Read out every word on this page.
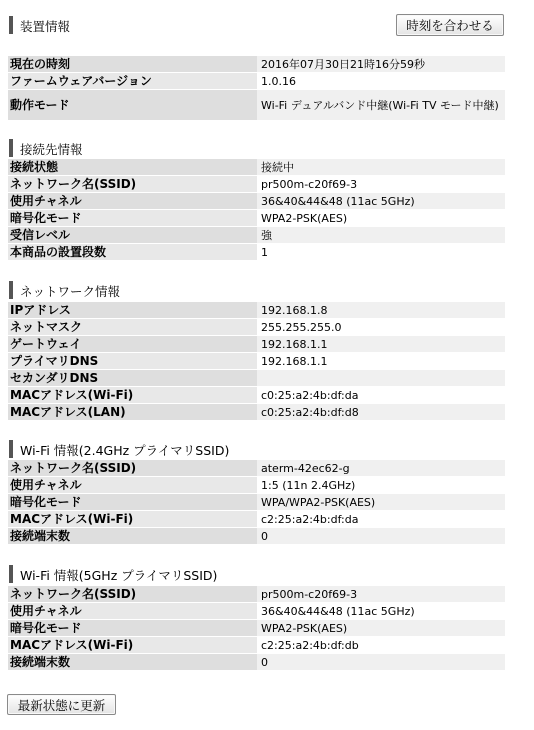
装置情報	時刻を合わせる
現在の時刻	2016年07月30日21時16分59秒
ファームウェアバージョン	1.0.16
動作モード	Wi-Fi デュアルバンド中継(Wi-Fi TV モード中継)
接続先情報
接続状態	接続中
ネットワーク名(SSID)	pr500m-c20f69-3
使用チャネル	36&40&44&48 (11ac 5GHz)
暗号化モード	WPA2-PSK(AES)
受信レベル	強
本商品の設置段数	1
ネットワーク情報
IPアドレス	192.168.1.8
ネットマスク	255.255.255.0
ゲートウェイ	192.168.1.1
プライマリDNS	192.168.1.1
セカンダリDNS	
MACアドレス(Wi-Fi)	c0:25:a2:4b:df:da
MACアドレス(LAN)	c0:25:a2:4b:df:d8
Wi-Fi 情報(2.4GHz プライマリSSID)
ネットワーク名(SSID)	aterm-42ec62-g
使用チャネル	1:5 (11n 2.4GHz)
暗号化モード	WPA/WPA2-PSK(AES)
MACアドレス(Wi-Fi)	c2:25:a2:4b:df:da
接続端末数	0
Wi-Fi 情報(5GHz プライマリSSID)
ネットワーク名(SSID)	pr500m-c20f69-3
使用チャネル	36&40&44&48 (11ac 5GHz)
暗号化モード	WPA2-PSK(AES)
MACアドレス(Wi-Fi)	c2:25:a2:4b:df:db
接続端末数	0
最新状態に更新
